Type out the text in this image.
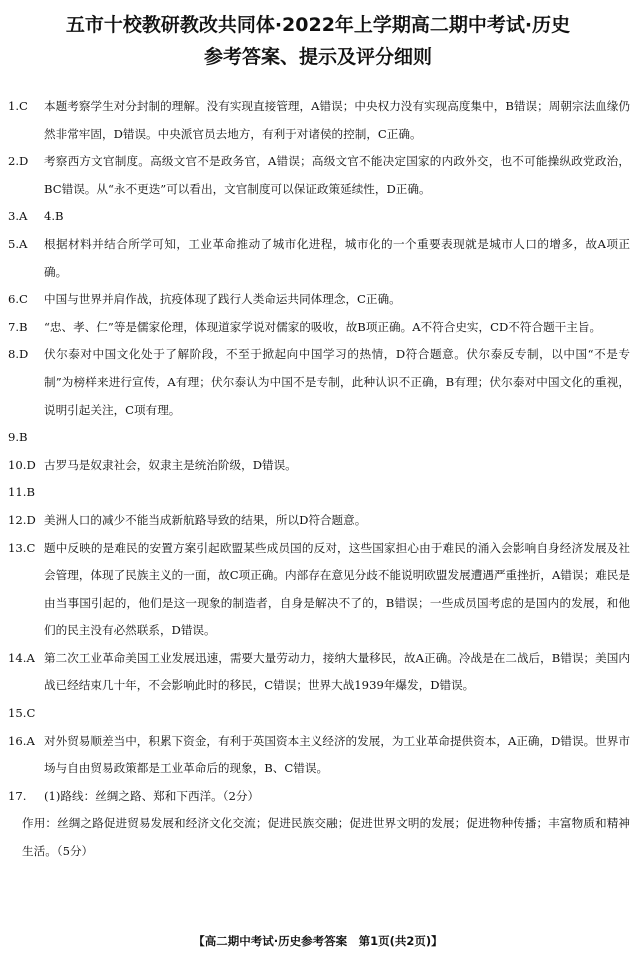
五市十校教研教改共同体·2022年上学期高二期中考试·历史
参考答案、提示及评分细则
1.C	本题考察学生对分封制的理解。没有实现直接管理，A错误；中央权力没有实现高度集中，B错误；周朝宗法血缘仍然非常牢固，D错误。中央派官员去地方，有利于对诸侯的控制，C正确。
2.D	考察西方文官制度。高级文官不是政务官，A错误；高级文官不能决定国家的内政外交，也不可能操纵政党政治，BC错误。从“永不更迭”可以看出，文官制度可以保证政策延续性，D正确。
3.A	4.B
5.A	根据材料并结合所学可知，工业革命推动了城市化进程，城市化的一个重要表现就是城市人口的增多，故A项正确。
6.C	中国与世界并肩作战，抗疫体现了践行人类命运共同体理念，C正确。
7.B	“忠、孝、仁”等是儒家伦理，体现道家学说对儒家的吸收，故B项正确。A不符合史实，CD不符合题干主旨。
8.D	伏尔泰对中国文化处于了解阶段，不至于掀起向中国学习的热情，D符合题意。伏尔泰反专制，以中国“不是专制”为榜样来进行宣传，A有理；伏尔泰认为中国不是专制，此种认识不正确，B有理；伏尔泰对中国文化的重视，说明引起关注，C项有理。
9.B
10.D 古罗马是奴隶社会，奴隶主是统治阶级，D错误。
11.B
12.D 美洲人口的减少不能当成新航路导致的结果，所以D符合题意。
13.C 题中反映的是难民的安置方案引起欧盟某些成员国的反对，这些国家担心由于难民的涌入会影响自身经济发展及社会管理，体现了民族主义的一面，故C项正确。内部存在意见分歧不能说明欧盟发展遭遇严重挫折，A错误；难民是由当事国引起的，他们是这一现象的制造者，自身是解决不了的，B错误；一些成员国考虑的是国内的发展，和他们的民主没有必然联系，D错误。
14.A 第二次工业革命美国工业发展迅速，需要大量劳动力，接纳大量移民，故A正确。冷战是在二战后，B错误；美国内战已经结束几十年，不会影响此时的移民，C错误；世界大战1939年爆发，D错误。
15.C
16.A 对外贸易顺差当中，积累下资金，有利于英国资本主义经济的发展，为工业革命提供资本，A正确，D错误。世界市场与自由贸易政策都是工业革命后的现象，B、C错误。
17.	(1)路线：丝绸之路、郑和下西洋。（2分）
作用：丝绸之路促进贸易发展和经济文化交流；促进民族交融；促进世界文明的发展；促进物种传播；丰富物质和精神生活。（5分）
【高二期中考试·历史参考答案　第1页(共2页)】
